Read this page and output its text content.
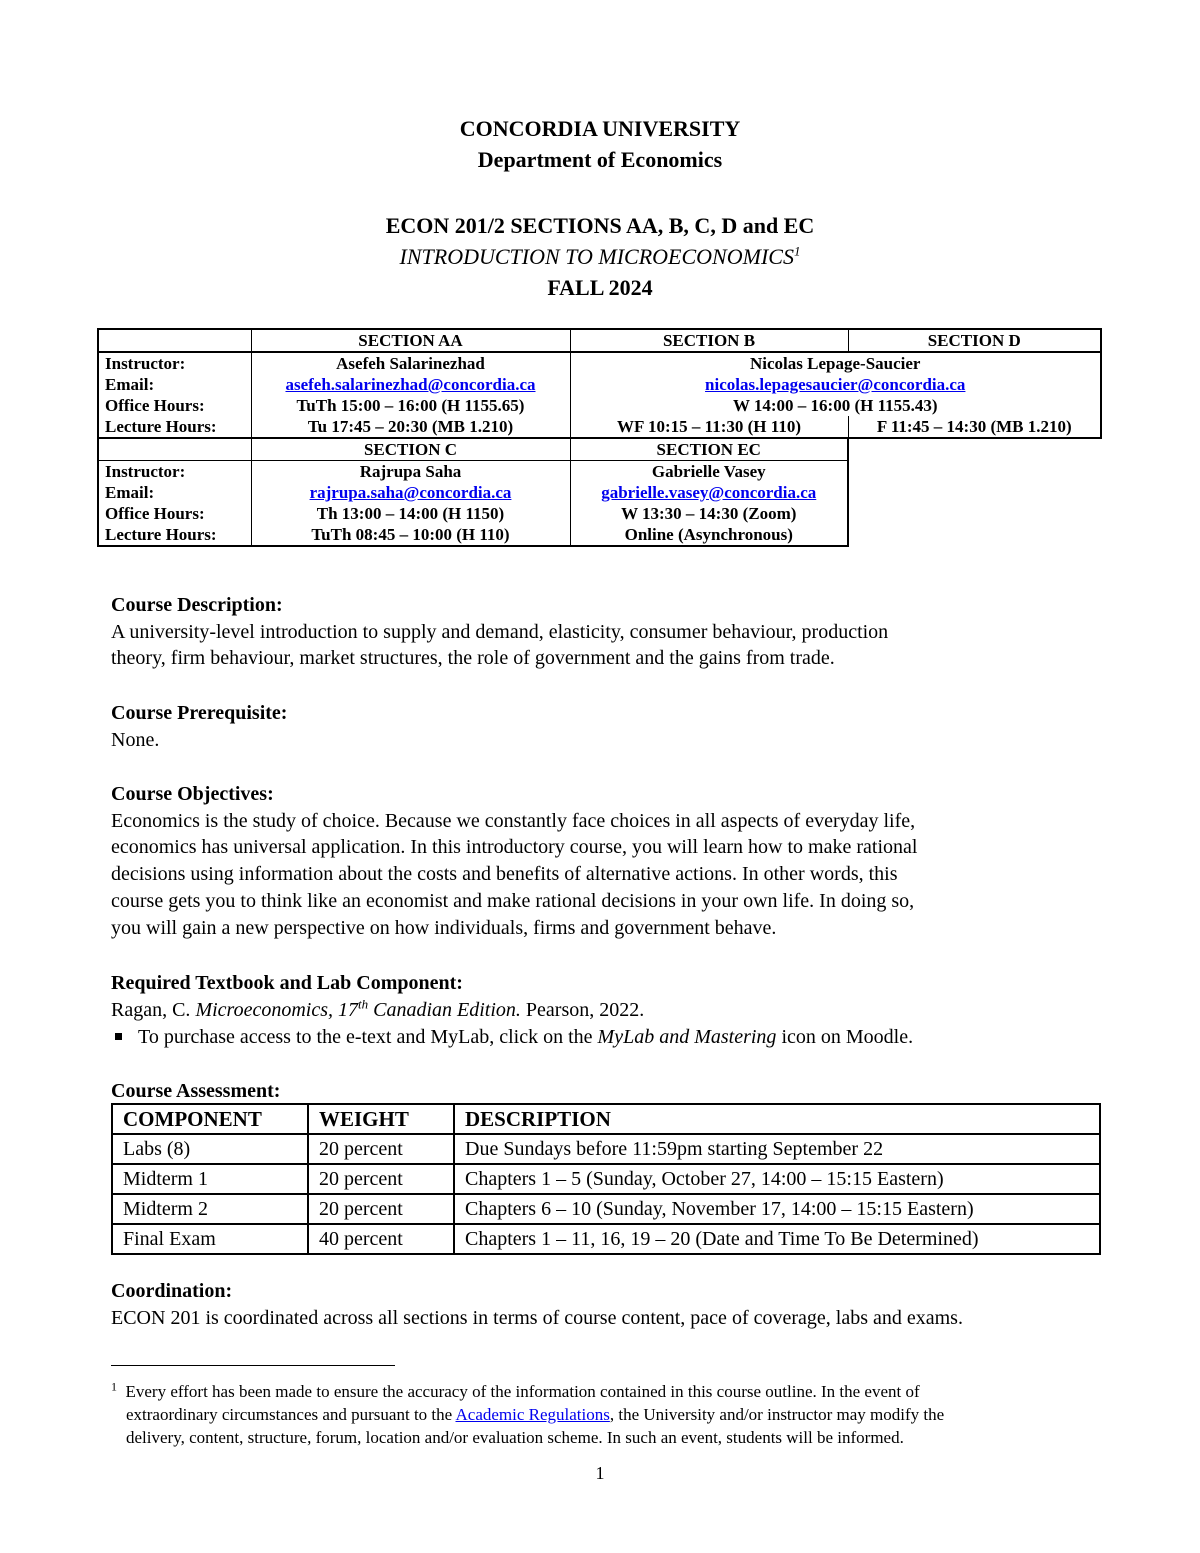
CONCORDIA UNIVERSITY
Department of Economics
ECON 201/2 SECTIONS AA, B, C, D and EC
INTRODUCTION TO MICROECONOMICS$^1$
FALL 2024
	SECTION AA	SECTION B	SECTION D
Instructor:	Asefeh Salarinezhad	Nicolas Lepage-Saucier	
Email:	asefeh.salarinezhad@concordia.ca	nicolas.lepagesaucier@concordia.ca	
Office Hours:	TuTh 15:00 – 16:00 (H 1155.65)	W 14:00 – 16:00 (H 1155.43)	
Lecture Hours:	Tu 17:45 – 20:30 (MB 1.210)	WF 10:15 – 11:30 (H 110)	F 11:45 – 14:30 (MB 1.210)
	SECTION C	SECTION EC	
Instructor:	Rajrupa Saha	Gabrielle Vasey	
Email:	rajrupa.saha@concordia.ca	gabrielle.vasey@concordia.ca	
Office Hours:	Th 13:00 – 14:00 (H 1150)	W 13:30 – 14:30 (Zoom)	
Lecture Hours:	TuTh 08:45 – 10:00 (H 110)	Online (Asynchronous)	
Course Description:
A university-level introduction to supply and demand, elasticity, consumer behaviour, production
theory, firm behaviour, market structures, the role of government and the gains from trade.
Course Prerequisite:
None.
Course Objectives:
Economics is the study of choice. Because we constantly face choices in all aspects of everyday life,
economics has universal application. In this introductory course, you will learn how to make rational
decisions using information about the costs and benefits of alternative actions. In other words, this
course gets you to think like an economist and make rational decisions in your own life. In doing so,
you will gain a new perspective on how individuals, firms and government behave.
Required Textbook and Lab Component:
Ragan, C. Microeconomics, 17th Canadian Edition. Pearson, 2022.
To purchase access to the e-text and MyLab, click on the MyLab and Mastering icon on Moodle.
Course Assessment:
COMPONENT	WEIGHT	DESCRIPTION
Labs (8)	20 percent	Due Sundays before 11:59pm starting September 22
Midterm 1	20 percent	Chapters 1 – 5 (Sunday, October 27, 14:00 – 15:15 Eastern)
Midterm 2	20 percent	Chapters 6 – 10 (Sunday, November 17, 14:00 – 15:15 Eastern)
Final Exam	40 percent	Chapters 1 – 11, 16, 19 – 20 (Date and Time To Be Determined)
Coordination:
ECON 201 is coordinated across all sections in terms of course content, pace of coverage, labs and exams.
$^1$ Every effort has been made to ensure the accuracy of the information contained in this course outline. In the event of
extraordinary circumstances and pursuant to the Academic Regulations, the University and/or instructor may modify the
delivery, content, structure, forum, location and/or evaluation scheme. In such an event, students will be informed.
1
